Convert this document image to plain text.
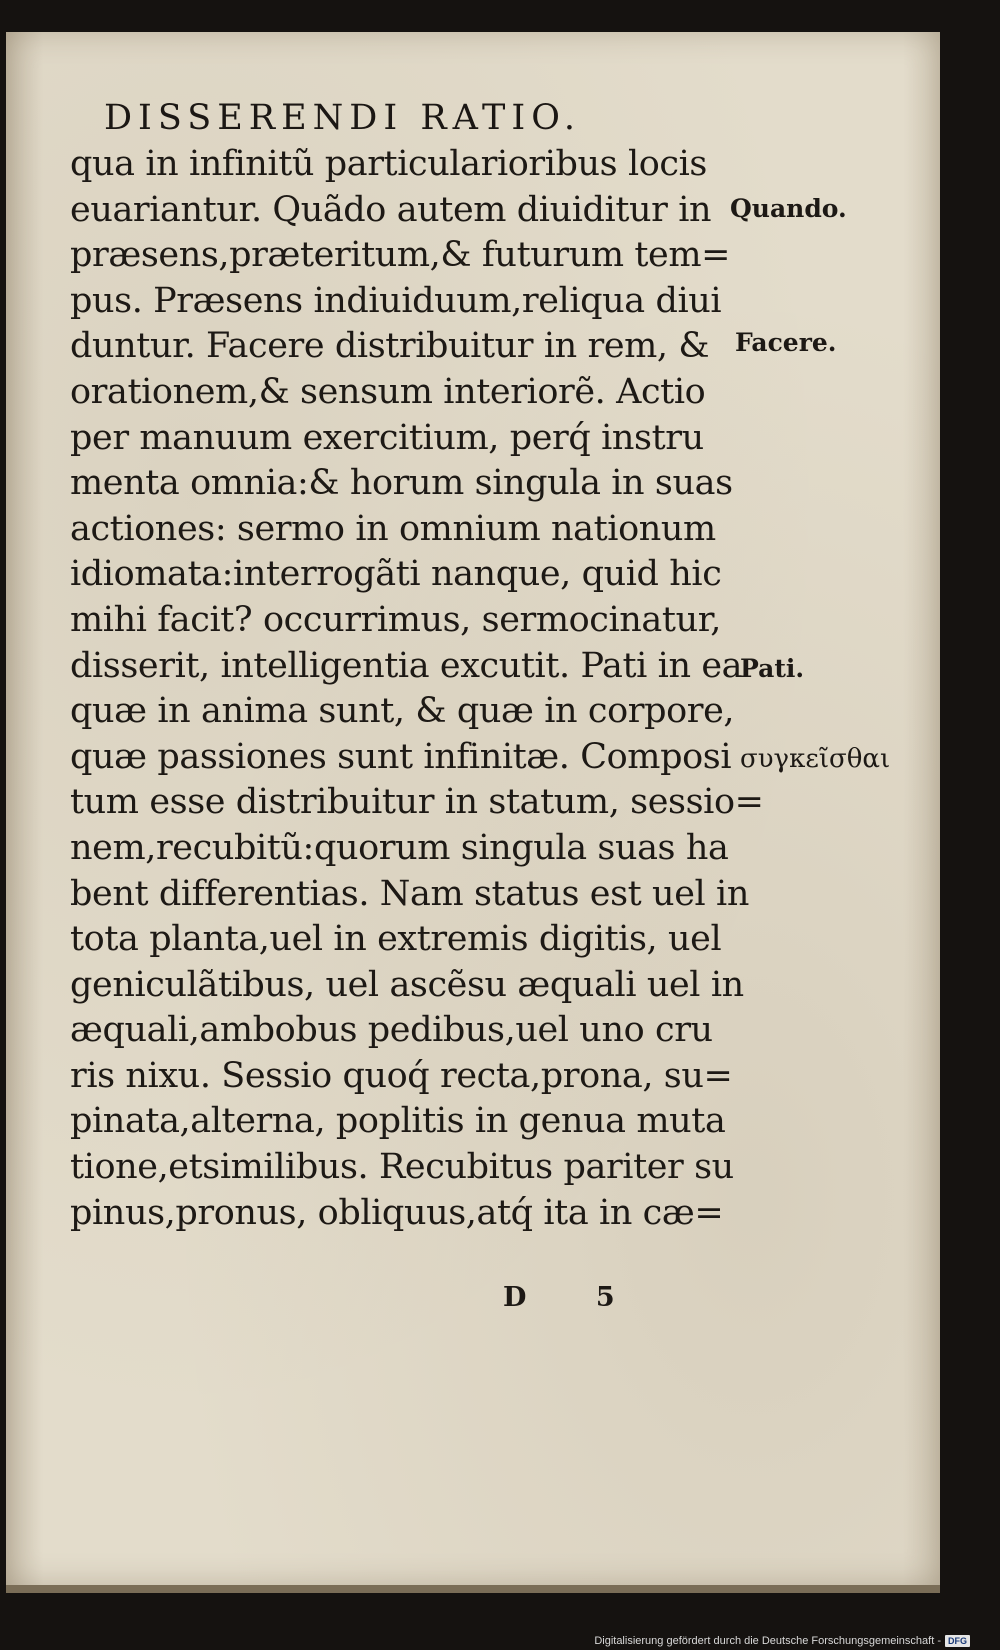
DISSERENDI RATIO.
qua in infinitũ particularioribus locis
euariantur. Quãdo autem diuiditur in
præsens,præteritum,& futurum tem=
pus. Præsens indiuiduum,reliqua diui
duntur. Facere distribuitur in rem, &
orationem,& sensum interiorẽ. Actio
per manuum exercitium, perq́ instru
menta omnia:& horum singula in suas
actiones: sermo in omnium nationum
idiomata:interrogãti nanque, quid hic
mihi facit? occurrimus, sermocinatur,
disserit, intelligentia excutit. Pati in ea
quæ in anima sunt, & quæ in corpore,
quæ passiones sunt infinitæ. Composi
tum esse distribuitur in statum, sessio=
nem,recubitũ:quorum singula suas ha
bent differentias. Nam status est uel in
tota planta,uel in extremis digitis, uel
geniculãtibus, uel ascẽsu æquali uel in
æquali,ambobus pedibus,uel uno cru
ris nixu. Sessio quoq́ recta,prona, su=
pinata,alterna, poplitis in genua muta
tione,etsimilibus. Recubitus pariter su
pinus,pronus, obliquus,atq́ ita in cæ=
Quando.
Facere.
Pati.
συγκεῖσθαι
D 5
Digitalisierung gefördert durch die Deutsche Forschungsgemeinschaft - DFG
